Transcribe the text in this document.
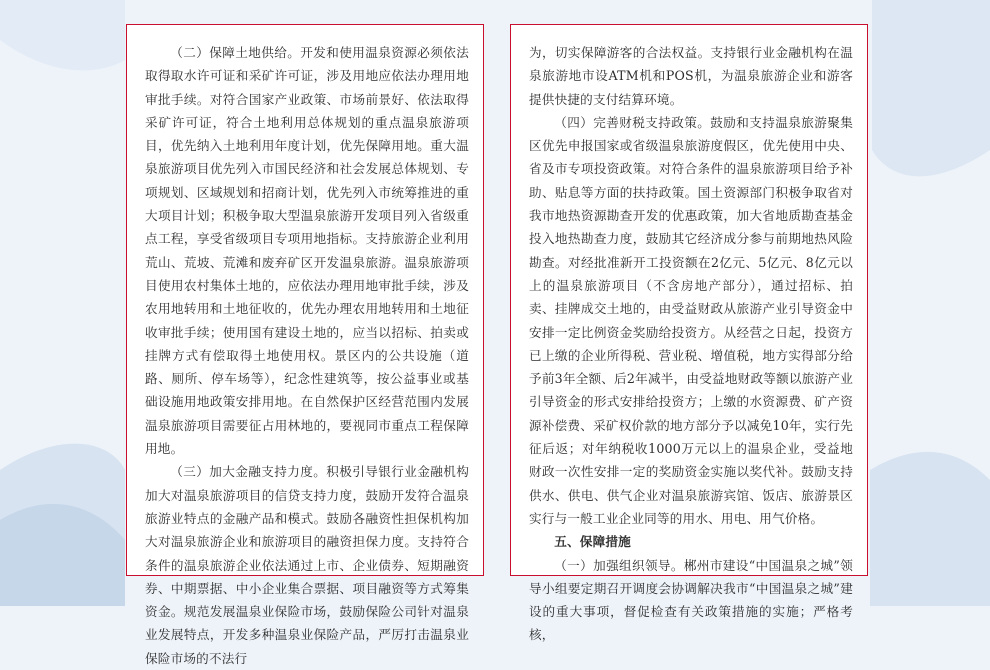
（二）保障土地供给。开发和使用温泉资源必须依法取得取水许可证和采矿许可证，涉及用地应依法办理用地审批手续。对符合国家产业政策、市场前景好、依法取得采矿许可证，符合土地利用总体规划的重点温泉旅游项目，优先纳入土地利用年度计划，优先保障用地。重大温泉旅游项目优先列入市国民经济和社会发展总体规划、专项规划、区域规划和招商计划，优先列入市统筹推进的重大项目计划；积极争取大型温泉旅游开发项目列入省级重点工程，享受省级项目专项用地指标。支持旅游企业利用荒山、荒坡、荒滩和废弃矿区开发温泉旅游。温泉旅游项目使用农村集体土地的，应依法办理用地审批手续，涉及农用地转用和土地征收的，优先办理农用地转用和土地征收审批手续；使用国有建设土地的，应当以招标、拍卖或挂牌方式有偿取得土地使用权。景区内的公共设施（道路、厕所、停车场等），纪念性建筑等，按公益事业或基础设施用地政策安排用地。在自然保护区经营范围内发展温泉旅游项目需要征占用林地的，要视同市重点工程保障用地。

（三）加大金融支持力度。积极引导银行业金融机构加大对温泉旅游项目的信贷支持力度，鼓励开发符合温泉旅游业特点的金融产品和模式。鼓励各融资性担保机构加大对温泉旅游企业和旅游项目的融资担保力度。支持符合条件的温泉旅游企业依法通过上市、企业债券、短期融资券、中期票据、中小企业集合票据、项目融资等方式筹集资金。规范发展温泉业保险市场，鼓励保险公司针对温泉业发展特点，开发多种温泉业保险产品，严厉打击温泉业保险市场的不法行

为，切实保障游客的合法权益。支持银行业金融机构在温泉旅游地市设ATM机和POS机，为温泉旅游企业和游客提供快捷的支付结算环境。

（四）完善财税支持政策。鼓励和支持温泉旅游聚集区优先申报国家或省级温泉旅游度假区，优先使用中央、省及市专项投资政策。对符合条件的温泉旅游项目给予补助、贴息等方面的扶持政策。国土资源部门积极争取省对我市地热资源勘查开发的优惠政策，加大省地质勘查基金投入地热勘查力度，鼓励其它经济成分参与前期地热风险勘查。对经批准新开工投资额在2亿元、5亿元、8亿元以上的温泉旅游项目（不含房地产部分），通过招标、拍卖、挂牌成交土地的，由受益财政从旅游产业引导资金中安排一定比例资金奖励给投资方。从经营之日起，投资方已上缴的企业所得税、营业税、增值税，地方实得部分给予前3年全额、后2年减半，由受益地财政等额以旅游产业引导资金的形式安排给投资方；上缴的水资源费、矿产资源补偿费、采矿权价款的地方部分予以减免10年，实行先征后返；对年纳税收1000万元以上的温泉企业，受益地财政一次性安排一定的奖励资金实施以奖代补。鼓励支持供水、供电、供气企业对温泉旅游宾馆、饭店、旅游景区实行与一般工业企业同等的用水、用电、用气价格。

五、保障措施

（一）加强组织领导。郴州市建设“中国温泉之城”领导小组要定期召开调度会协调解决我市“中国温泉之城”建设的重大事项，督促检查有关政策措施的实施；严格考核，
